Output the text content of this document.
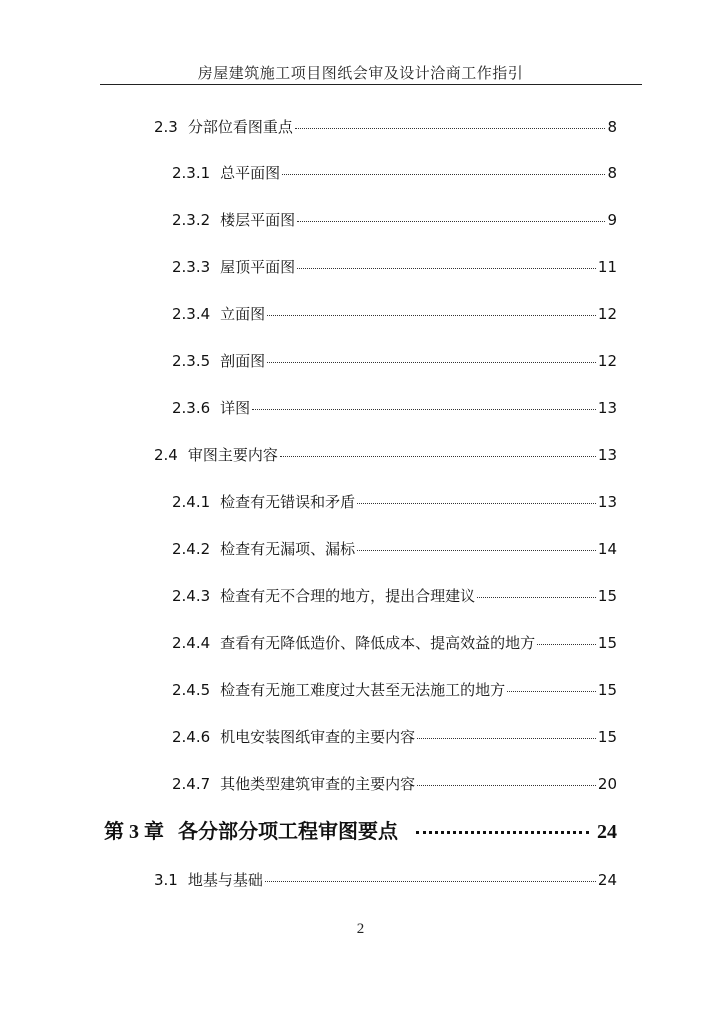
房屋建筑施工项目图纸会审及设计洽商工作指引
2.3 分部位看图重点	8
2.3.1 总平面图	8
2.3.2 楼层平面图	9
2.3.3 屋顶平面图	11
2.3.4 立面图	12
2.3.5 剖面图	12
2.3.6 详图	13
2.4 审图主要内容	13
2.4.1 检查有无错误和矛盾	13
2.4.2 检查有无漏项、漏标	14
2.4.3 检查有无不合理的地方，提出合理建议	15
2.4.4 查看有无降低造价、降低成本、提高效益的地方	15
2.4.5 检查有无施工难度过大甚至无法施工的地方	15
2.4.6 机电安装图纸审查的主要内容	15
2.4.7 其他类型建筑审查的主要内容	20
第 3 章 各分部分项工程审图要点	24
3.1 地基与基础	24
2
